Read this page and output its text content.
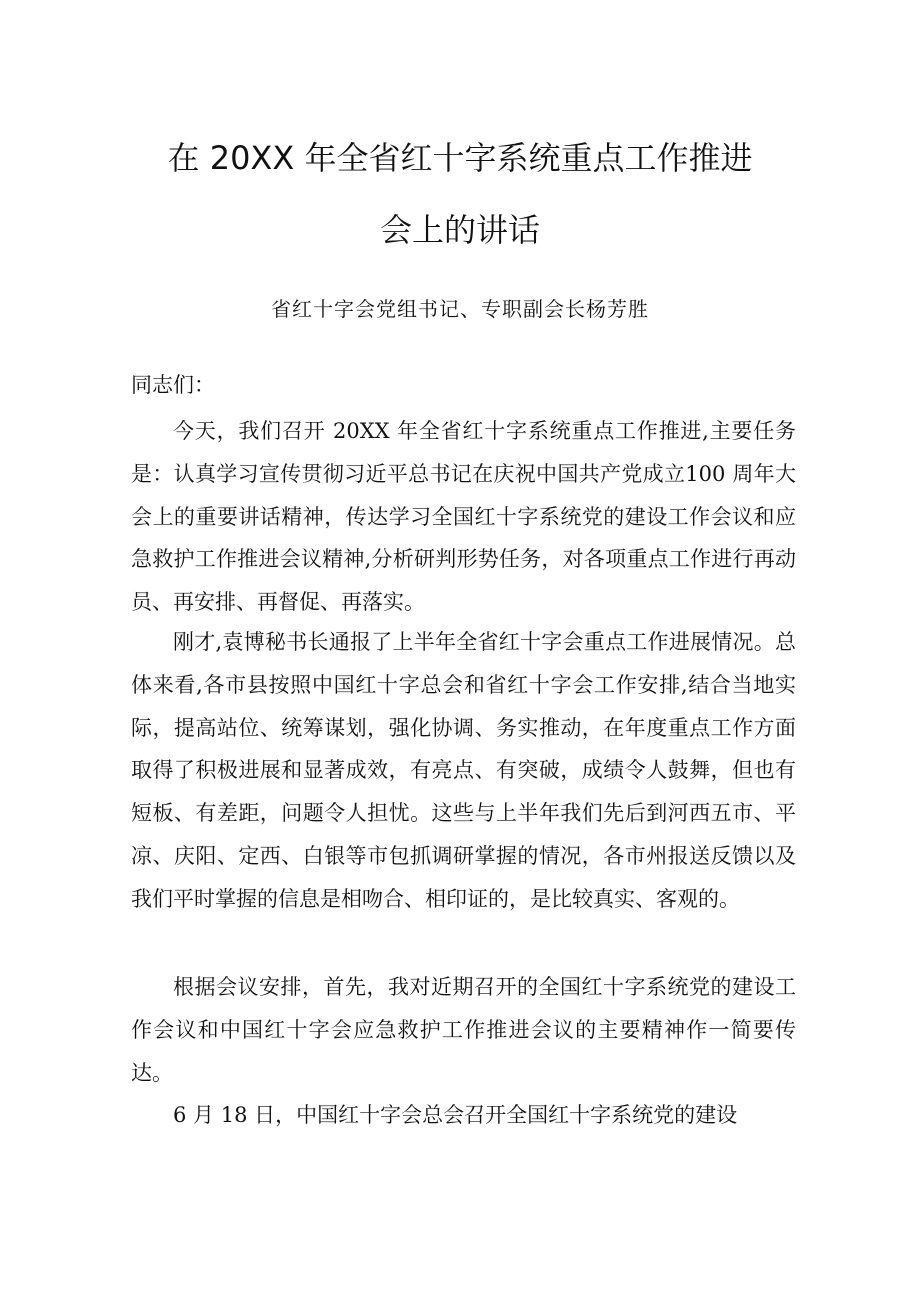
在 20XX 年全省红十字系统重点工作推进
会上的讲话
省红十字会党组书记、专职副会长杨芳胜
同志们：

今天，我们召开 20XX 年全省红十字系统重点工作推进,主要任务是：认真学习宣传贯彻习近平总书记在庆祝中国共产党成立100 周年大会上的重要讲话精神，传达学习全国红十字系统党的建设工作会议和应急救护工作推进会议精神,分析研判形势任务，对各项重点工作进行再动员、再安排、再督促、再落实。

刚才,袁博秘书长通报了上半年全省红十字会重点工作进展情况。总体来看,各市县按照中国红十字总会和省红十字会工作安排,结合当地实际，提高站位、统筹谋划，强化协调、务实推动，在年度重点工作方面取得了积极进展和显著成效，有亮点、有突破，成绩令人鼓舞，但也有短板、有差距，问题令人担忧。这些与上半年我们先后到河西五市、平凉、庆阳、定西、白银等市包抓调研掌握的情况，各市州报送反馈以及我们平时掌握的信息是相吻合、相印证的，是比较真实、客观的。

根据会议安排，首先，我对近期召开的全国红十字系统党的建设工作会议和中国红十字会应急救护工作推进会议的主要精神作一简要传达。

6 月 18 日，中国红十字会总会召开全国红十字系统党的建设
